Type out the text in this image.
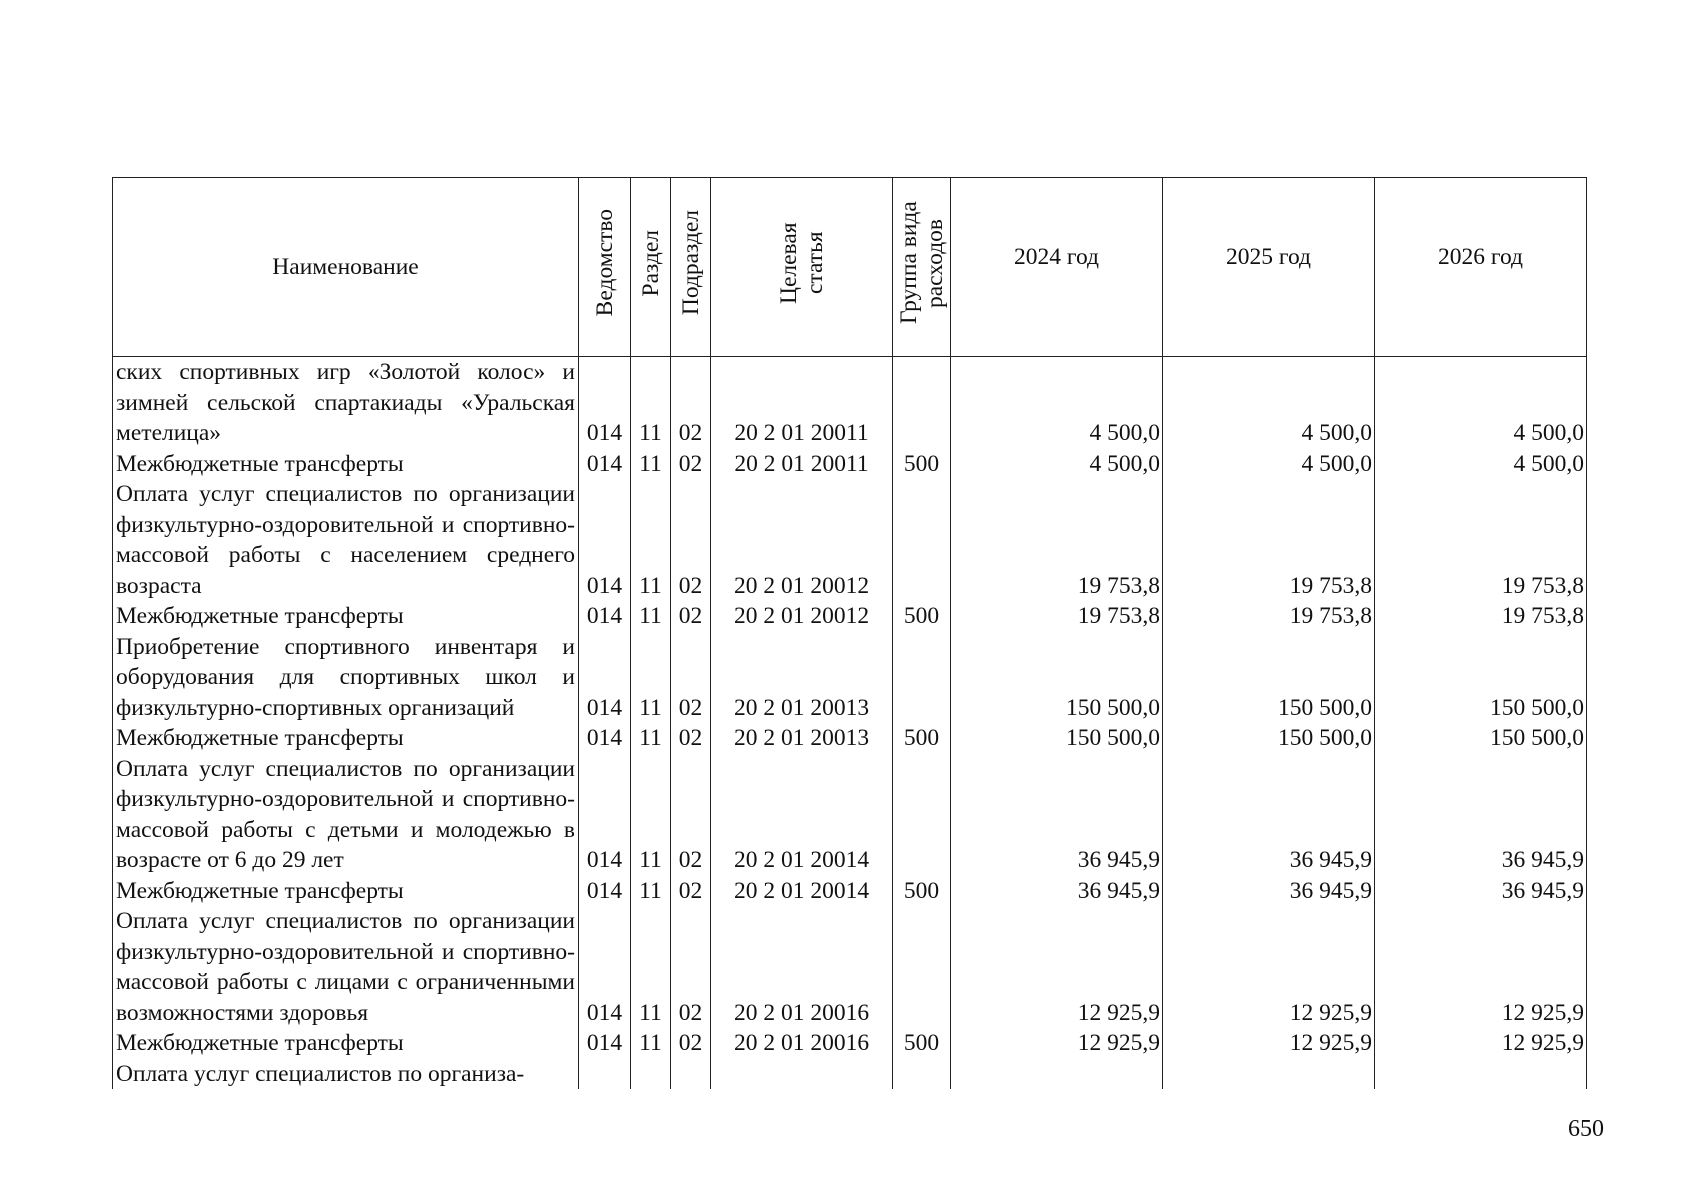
Наименование	Ведомство	Раздел	Подраздел	Целевая статья	Группа вида расходов	2024 год	2025 год	2026 год
ских спортивных игр «Золотой колос» и зимней сельской спартакиады «Уральская метелица»	014	11	02	20 2 01 20011		4 500,0	4 500,0	4 500,0
Межбюджетные трансферты	014	11	02	20 2 01 20011	500	4 500,0	4 500,0	4 500,0
Оплата услуг специалистов по организации физкультурно-оздоровительной и спортивно-массовой работы с населением среднего возраста	014	11	02	20 2 01 20012		19 753,8	19 753,8	19 753,8
Межбюджетные трансферты	014	11	02	20 2 01 20012	500	19 753,8	19 753,8	19 753,8
Приобретение спортивного инвентаря и оборудования для спортивных школ и физкультурно-спортивных организаций	014	11	02	20 2 01 20013		150 500,0	150 500,0	150 500,0
Межбюджетные трансферты	014	11	02	20 2 01 20013	500	150 500,0	150 500,0	150 500,0
Оплата услуг специалистов по организации физкультурно-оздоровительной и спортивно-массовой работы с детьми и молодежью в возрасте от 6 до 29 лет	014	11	02	20 2 01 20014		36 945,9	36 945,9	36 945,9
Межбюджетные трансферты	014	11	02	20 2 01 20014	500	36 945,9	36 945,9	36 945,9
Оплата услуг специалистов по организации физкультурно-оздоровительной и спортивно-массовой работы с лицами с ограниченными возможностями здоровья	014	11	02	20 2 01 20016		12 925,9	12 925,9	12 925,9
Межбюджетные трансферты	014	11	02	20 2 01 20016	500	12 925,9	12 925,9	12 925,9
Оплата услуг специалистов по организа-								
650
